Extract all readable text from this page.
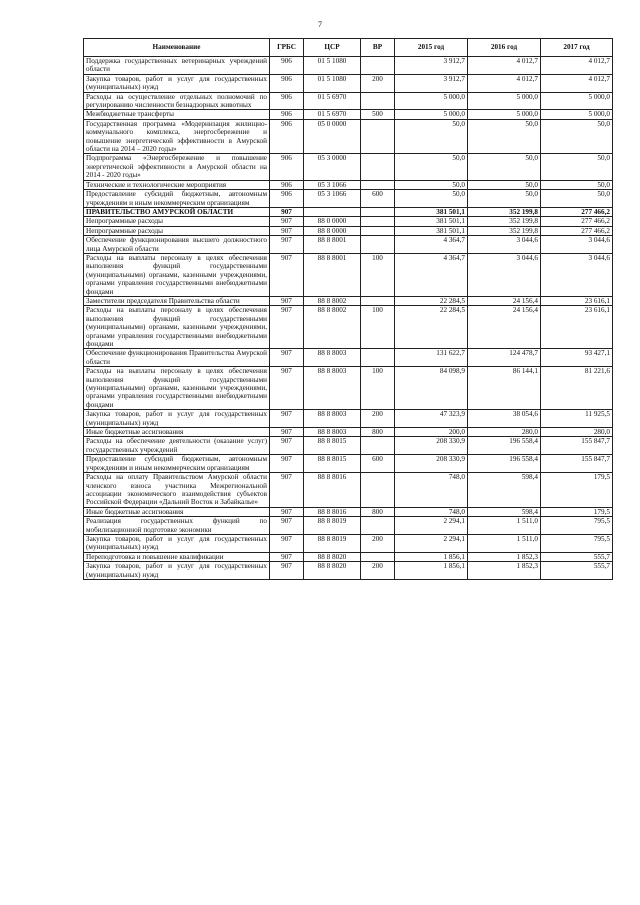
7
Наименование	ГРБС	ЦСР	ВР	2015 год	2016 год	2017 год
Поддержка государственных ветеринарных учреждений области	906	01 5 1080		3 912,7	4 012,7	4 012,7
Закупка товаров, работ и услуг для государственных (муниципальных) нужд	906	01 5 1080	200	3 912,7	4 012,7	4 012,7
Расходы на осуществление отдельных полномочий по регулированию численности безнадзорных животных	906	01 5 6970		5 000,0	5 000,0	5 000,0
Межбюджетные трансферты	906	01 5 6970	500	5 000,0	5 000,0	5 000,0
Государственная программа «Модернизация жилищно-коммунального комплекса, энергосбережение и повышение энергетической эффективности в Амурской области на 2014 – 2020 годы»	906	05 0 0000		50,0	50,0	50,0
Подпрограмма «Энергосбережение и повышение энергетической эффективности в Амурской области на 2014 - 2020 годы»	906	05 3 0000		50,0	50,0	50,0
Технические и технологические мероприятия	906	05 3 1066		50,0	50,0	50,0
Предоставление субсидий бюджетным, автономным учреждениям и иным некоммерческим организациям	906	05 3 1066	600	50,0	50,0	50,0
ПРАВИТЕЛЬСТВО АМУРСКОЙ ОБЛАСТИ	907			381 501,1	352 199,8	277 466,2
Непрограммные расходы	907	88 0 0000		381 501,1	352 199,8	277 466,2
Непрограммные расходы	907	88 8 0000		381 501,1	352 199,8	277 466,2
Обеспечение функционирования высшего должностного лица Амурской области	907	88 8 8001		4 364,7	3 044,6	3 044,6
Расходы на выплаты персоналу в целях обеспечения выполнения функций государственными (муниципальными) органами, казенными учреждениями, органами управления государственными внебюджетными фондами	907	88 8 8001	100	4 364,7	3 044,6	3 044,6
Заместители председателя Правительства области	907	88 8 8002		22 284,5	24 156,4	23 616,1
Расходы на выплаты персоналу в целях обеспечения выполнения функций государственными (муниципальными) органами, казенными учреждениями, органами управления государственными внебюджетными фондами	907	88 8 8002	100	22 284,5	24 156,4	23 616,1
Обеспечение функционирования Правительства Амурской области	907	88 8 8003		131 622,7	124 478,7	93 427,1
Расходы на выплаты персоналу в целях обеспечения выполнения функций государственными (муниципальными) органами, казенными учреждениями, органами управления государственными внебюджетными фондами	907	88 8 8003	100	84 098,9	86 144,1	81 221,6
Закупка товаров, работ и услуг для государственных (муниципальных) нужд	907	88 8 8003	200	47 323,9	38 054,6	11 925,5
Иные бюджетные ассигнования	907	88 8 8003	800	200,0	280,0	280,0
Расходы на обеспечение деятельности (оказание услуг) государственных учреждений	907	88 8 8015		208 330,9	196 558,4	155 847,7
Предоставление субсидий бюджетным, автономным учреждениям и иным некоммерческим организациям	907	88 8 8015	600	208 330,9	196 558,4	155 847,7
Расходы на оплату Правительством Амурской области членского взноса участника Межрегиональной ассоциации экономического взаимодействия субъектов Российской Федерации «Дальний Восток и Забайкалье»	907	88 8 8016		748,0	598,4	179,5
Иные бюджетные ассигнования	907	88 8 8016	800	748,0	598,4	179,5
Реализация государственных функций по мобилизационной подготовке экономики	907	88 8 8019		2 294,1	1 511,0	795,5
Закупка товаров, работ и услуг для государственных (муниципальных) нужд	907	88 8 8019	200	2 294,1	1 511,0	795,5
Переподготовка и повышение квалификации	907	88 8 8020		1 856,1	1 852,3	555,7
Закупка товаров, работ и услуг для государственных (муниципальных) нужд	907	88 8 8020	200	1 856,1	1 852,3	555,7
